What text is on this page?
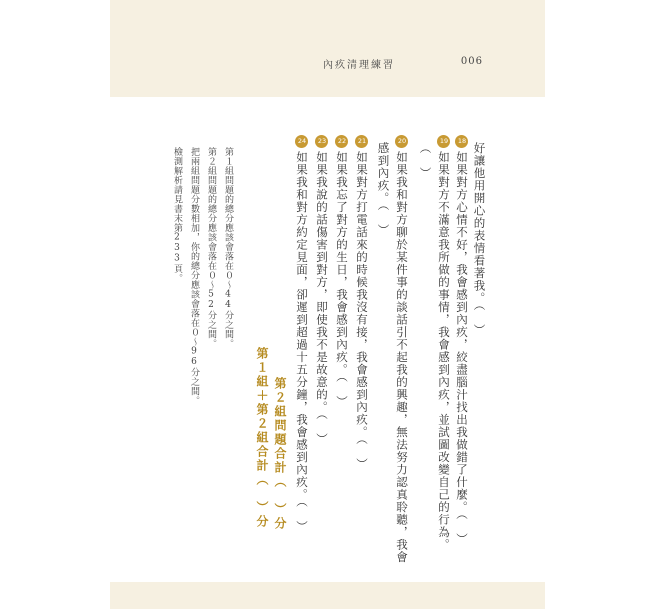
內疚清理練習	006
好讓他用開心的表情看著我。（　）
18如果對方心情不好，我會感到內疚，絞盡腦汁找出我做錯了什麼。（　）
19如果對方不滿意我所做的事情，我會感到內疚，並試圖改變自己的行為。
（　）
20如果我和對方聊於某件事的談話引不起我的興趣，無法努力認真聆聽，我會
感到內疚。（　）
21如果對方打電話來的時候我沒有接，我會感到內疚。（　）
22如果我忘了對方的生日，我會感到內疚。（　）
23如果我說的話傷害到對方，即使我不是故意的。（　）
24如果我和對方約定見面，卻遲到超過十五分鐘，我會感到內疚。（　）
第２組問題合計（　）分
第１組＋第２組合計（　）分
第１組問題的總分應該會落在０～44分之間。
第２組問題的總分應該會落在０～52分之間。
把兩組問題分數相加，你的總分應該會落在０～96分之間。
檢測解析請見書末第233頁。
